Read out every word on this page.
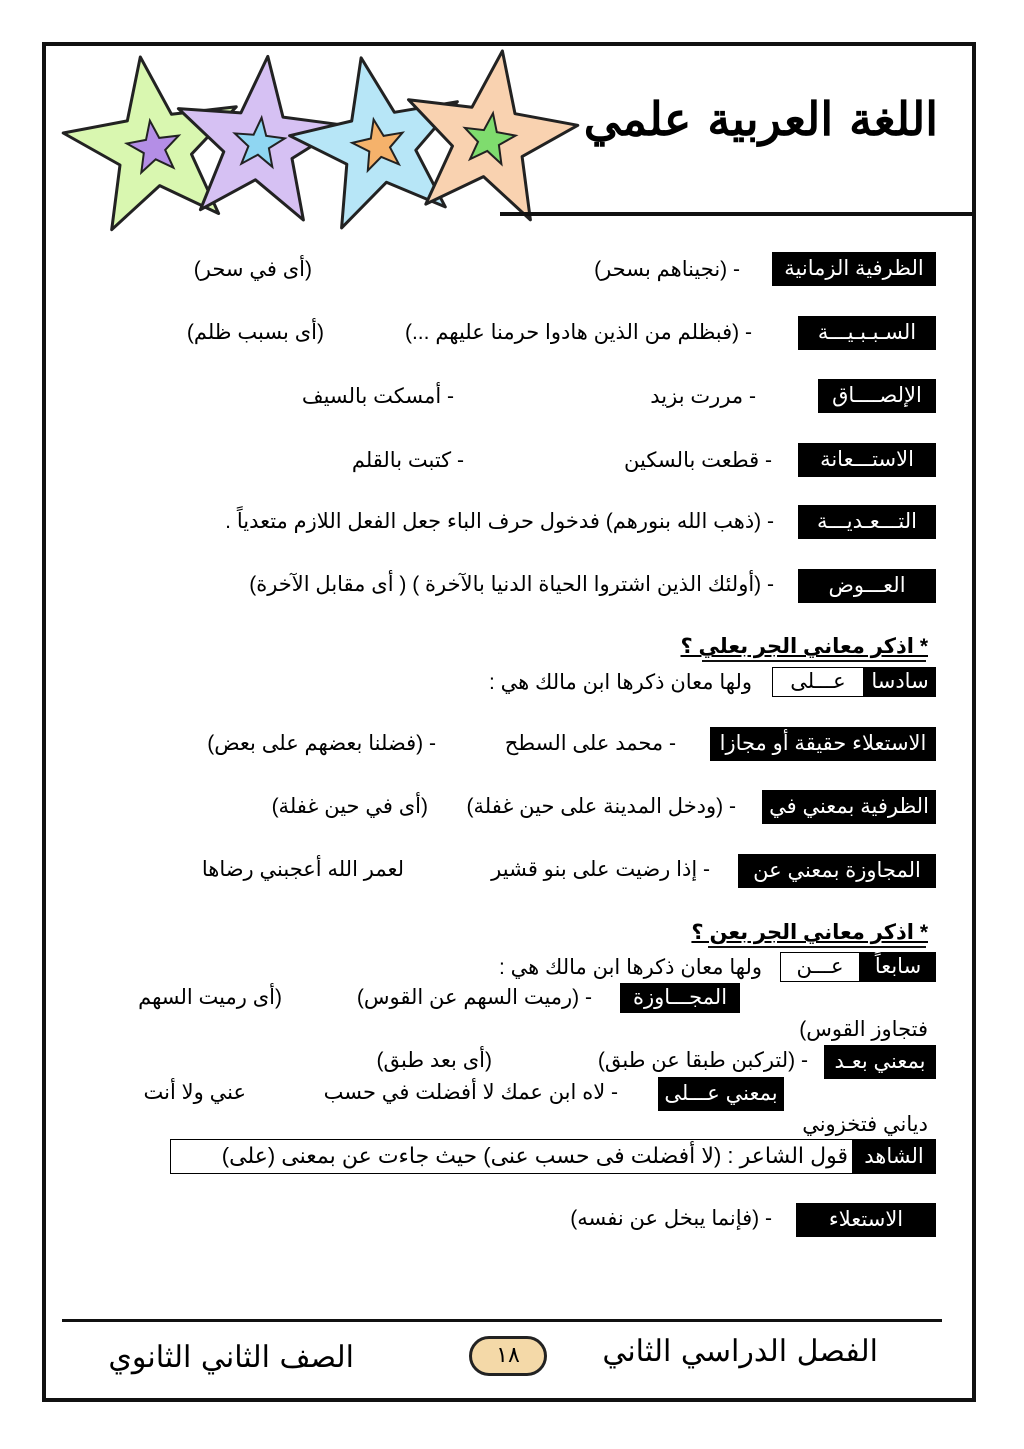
اللغة العربية علمي
الظرفية الزمانية
- (نجيناهم بسحر)
(أى في سحر)
السـبـبـيـــة
- (فبظلم من الذين هادوا حرمنا عليهم ...)
(أى بسبب ظلم)
الإلصــــاق
- مررت بزيد
- أمسكت بالسيف
الاستـــعانة
- قطعت بالسكين
- كتبت بالقلم
التـــعـديـــة
- (ذهب الله بنورهم) فدخول حرف الباء جعل الفعل اللازم متعدياً .
العـــوض
- (أولئك الذين اشتروا الحياة الدنيا بالآخرة ) ( أى مقابل الآخرة)
* اذكر معاني الجر بعلي ؟
سادسا
عـــلى
ولها معان ذكرها ابن مالك هي :
الاستعلاء حقيقة أو مجازا
- محمد على السطح
- (فضلنا بعضهم على بعض)
الظرفية بمعني في
- (ودخل المدينة على حين غفلة)
(أى في حين غفلة)
المجاوزة بمعني عن
- إذا رضيت على بنو قشير
لعمر الله أعجبني رضاها
* اذكر معاني الجر بعن ؟
سابعاً
عـــن
ولها معان ذكرها ابن مالك هي :
المجـــاوزة
- (رميت السهم عن القوس)
(أى رميت السهم
فتجاوز القوس)
بمعني بعـد
- (لتركبن طبقا عن طبق)
(أى بعد طبق)
بمعني عـــلى
- لاه ابن عمك لا أفضلت في حسب
عني ولا أنت
دياني فتخزوني
الشاهد
قول الشاعر : (لا أفضلت فى حسب عنى) حيث جاءت عن بمعنى (على)
الاستعلاء
- (فإنما يبخل عن نفسه)
الفصل الدراسي الثاني
١٨
الصف الثاني الثانوي
